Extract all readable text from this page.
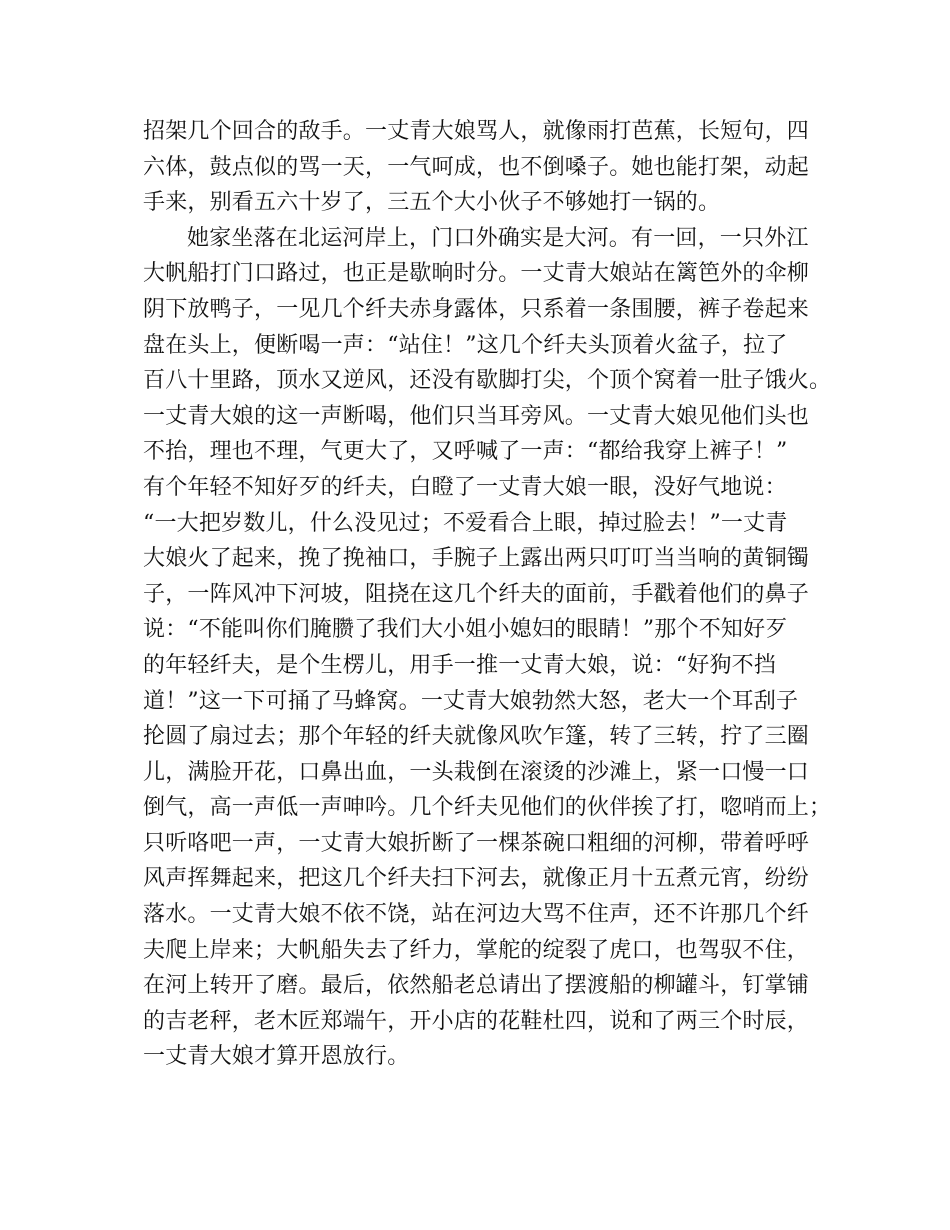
招架几个回合的敌手。一丈青大娘骂人，就像雨打芭蕉，长短句，四
六体，鼓点似的骂一天，一气呵成，也不倒嗓子。她也能打架，动起
手来，别看五六十岁了，三五个大小伙子不够她打一锅的。
她家坐落在北运河岸上，门口外确实是大河。有一回，一只外江
大帆船打门口路过，也正是歇晌时分。一丈青大娘站在篱笆外的伞柳
阴下放鸭子，一见几个纤夫赤身露体，只系着一条围腰，裤子卷起来
盘在头上，便断喝一声：“站住！”这几个纤夫头顶着火盆子，拉了
百八十里路，顶水又逆风，还没有歇脚打尖，个顶个窝着一肚子饿火。
一丈青大娘的这一声断喝，他们只当耳旁风。一丈青大娘见他们头也
不抬，理也不理，气更大了，又呼喊了一声：“都给我穿上裤子！”
有个年轻不知好歹的纤夫，白瞪了一丈青大娘一眼，没好气地说：
“一大把岁数儿，什么没见过；不爱看合上眼，掉过脸去！”一丈青
大娘火了起来，挽了挽袖口，手腕子上露出两只叮叮当当响的黄铜镯
子，一阵风冲下河坡，阻挠在这几个纤夫的面前，手戳着他们的鼻子
说：“不能叫你们腌臜了我们大小姐小媳妇的眼睛！”那个不知好歹
的年轻纤夫，是个生楞儿，用手一推一丈青大娘，说：“好狗不挡
道！”这一下可捅了马蜂窝。一丈青大娘勃然大怒，老大一个耳刮子
抡圆了扇过去；那个年轻的纤夫就像风吹乍篷，转了三转，拧了三圈
儿，满脸开花，口鼻出血，一头栽倒在滚烫的沙滩上，紧一口慢一口
倒气，高一声低一声呻吟。几个纤夫见他们的伙伴挨了打，唿哨而上；
只听咯吧一声，一丈青大娘折断了一棵茶碗口粗细的河柳，带着呼呼
风声挥舞起来，把这几个纤夫扫下河去，就像正月十五煮元宵，纷纷
落水。一丈青大娘不依不饶，站在河边大骂不住声，还不许那几个纤
夫爬上岸来；大帆船失去了纤力，掌舵的绽裂了虎口，也驾驭不住，
在河上转开了磨。最后，依然船老总请出了摆渡船的柳罐斗，钉掌铺
的吉老秤，老木匠郑端午，开小店的花鞋杜四，说和了两三个时辰，
一丈青大娘才算开恩放行。
